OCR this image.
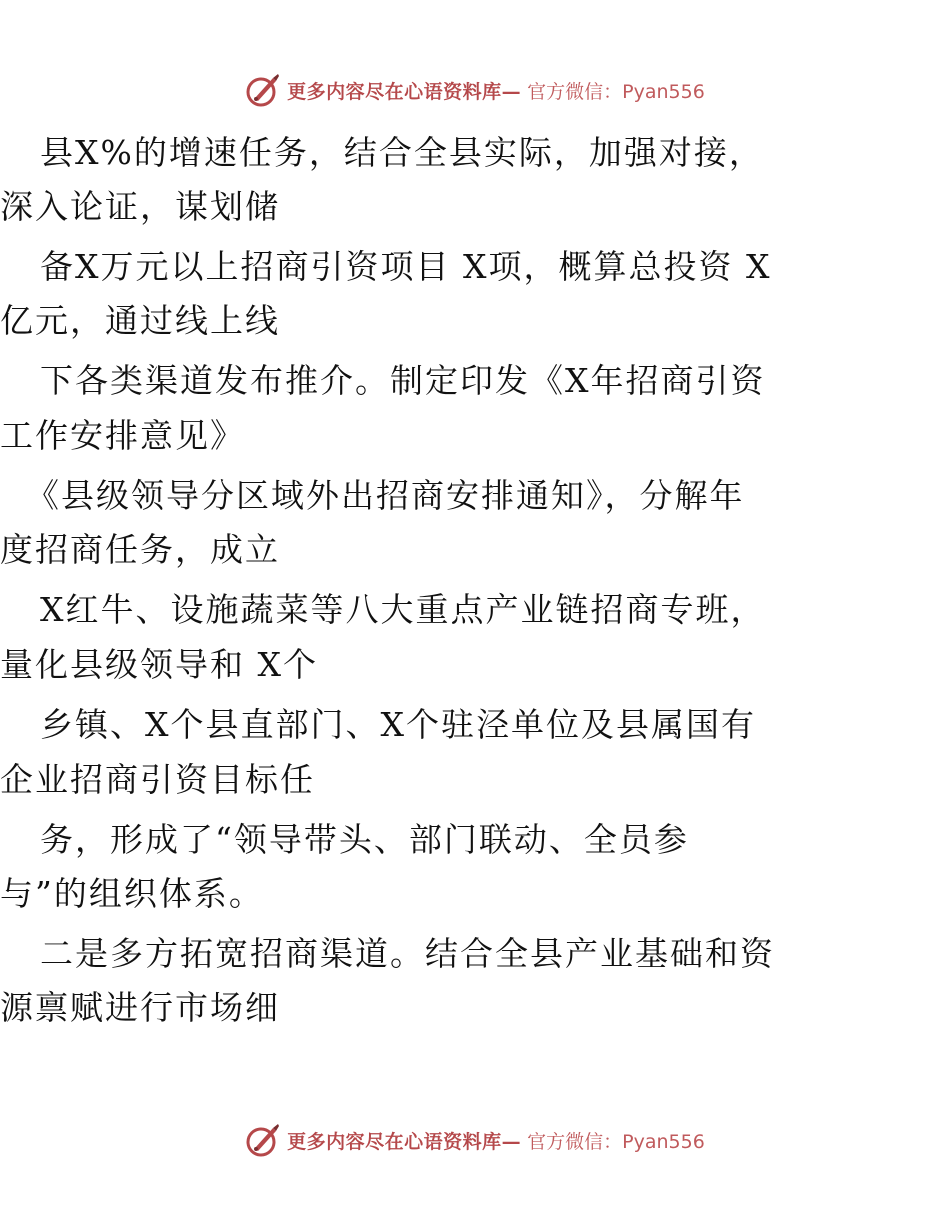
更多内容尽在心语资料库— 官方微信：Pyan556
县X%的增速任务，结合全县实际，加强对接，
深入论证，谋划储
备X万元以上招商引资项目 X项，概算总投资 X
亿元，通过线上线
下各类渠道发布推介。制定印发《X年招商引资
工作安排意见》
《县级领导分区域外出招商安排通知》，分解年
度招商任务，成立
X红牛、设施蔬菜等八大重点产业链招商专班，
量化县级领导和 X个
乡镇、X个县直部门、X个驻泾单位及县属国有
企业招商引资目标任
务，形成了“领导带头、部门联动、全员参
与”的组织体系。
二是多方拓宽招商渠道。结合全县产业基础和资
源禀赋进行市场细
更多内容尽在心语资料库— 官方微信：Pyan556
